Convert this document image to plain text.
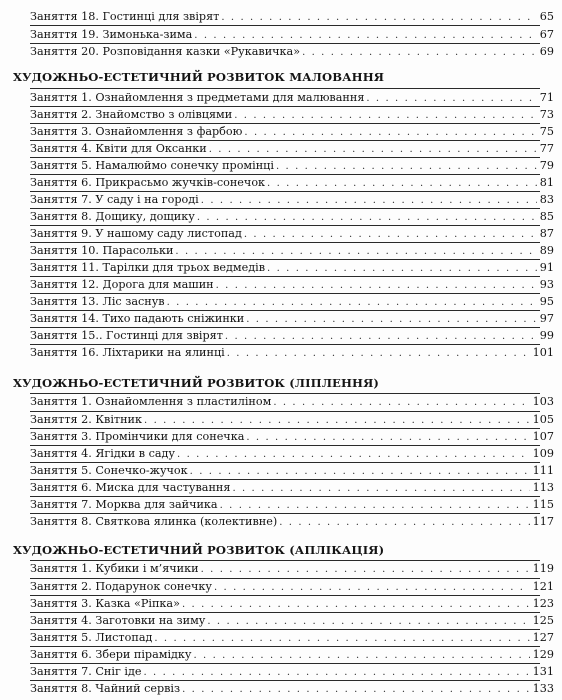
Заняття 18. Гостинці для звірят . . .	65
Заняття 19. Зимонька-зима . . .	67
Заняття 20. Розповідання казки «Рукавичка» . . .	69
ХУДОЖНЬО-ЕСТЕТИЧНИЙ РОЗВИТОК МАЛОВАННЯ
Заняття 1. Ознайомлення з предметами для малювання . . .	71
Заняття 2. Знайомство з олівцями . . .	73
Заняття 3. Ознайомлення з фарбою . . .	75
Заняття 4. Квіти для Оксанки . . .	77
Заняття 5. Намалюймо сонечку промінці . . .	79
Заняття 6. Прикрасьмо жучків-сонечок . . .	81
Заняття 7. У саду і на городі . . .	83
Заняття 8. Дощику, дощику . . .	85
Заняття 9. У нашому саду листопад . . .	87
Заняття 10. Парасольки . . .	89
Заняття 11. Тарілки для трьох ведмедів . . .	91
Заняття 12. Дорога для машин . . .	93
Заняття 13. Ліс заснув . . .	95
Заняття 14. Тихо падають сніжинки . . .	97
Заняття 15.. Гостинці для звірят . . .	99
Заняття 16. Ліхтарики на ялинці . . .	101
ХУДОЖНЬО-ЕСТЕТИЧНИЙ РОЗВИТОК (ЛІПЛЕННЯ)
Заняття 1. Ознайомлення з пластиліном . . .	103
Заняття 2. Квітник . . .	105
Заняття 3. Промінчики для сонечка . . .	107
Заняття 4. Ягідки в саду . . .	109
Заняття 5. Сонечко-жучок . . .	111
Заняття 6. Миска для частування . . .	113
Заняття 7. Морква для зайчика . . .	115
Заняття 8. Святкова ялинка (колективне) . . .	117
ХУДОЖНЬО-ЕСТЕТИЧНИЙ РОЗВИТОК (АПЛІКАЦІЯ)
Заняття 1. Кубики і м’ячики . . .	119
Заняття 2. Подарунок сонечку . . .	121
Заняття 3. Казка «Ріпка» . . .	123
Заняття 4. Заготовки на зиму . . .	125
Заняття 5. Листопад . . .	127
Заняття 6. Збери пірамідку . . .	129
Заняття 7. Сніг іде . . .	131
Заняття 8. Чайний сервіз . . .	133
